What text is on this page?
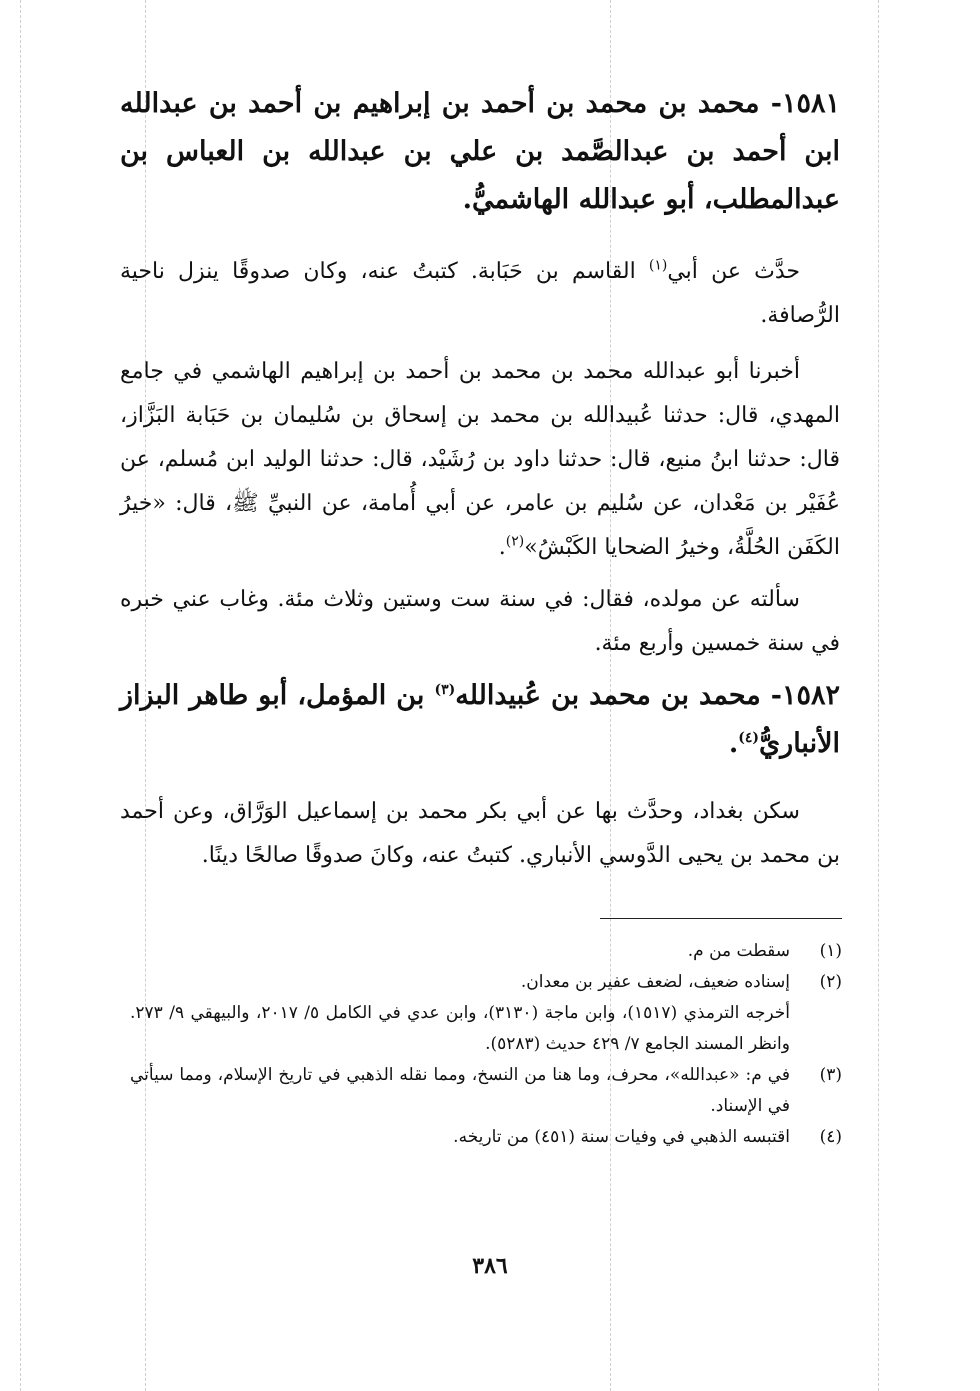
١٥٨١- محمد بن محمد بن أحمد بن إبراهيم بن أحمد بن عبدالله ابن أحمد بن عبدالصَّمد بن علي بن عبدالله بن العباس بن عبدالمطلب، أبو عبدالله الهاشميُّ.
حدَّث عن أبي$^{(١)}$ القاسم بن حَبَابة. كتبتُ عنه، وكان صدوقًا ينزل ناحية الرُّصافة.
أخبرنا أبو عبدالله محمد بن محمد بن أحمد بن إبراهيم الهاشمي في جامع المهدي، قال: حدثنا عُبيدالله بن محمد بن إسحاق بن سُليمان بن حَبَابة البَزَّاز، قال: حدثنا ابنُ منيع، قال: حدثنا داود بن رُشَيْد، قال: حدثنا الوليد ابن مُسلم، عن عُفَيْر بن مَعْدان، عن سُليم بن عامر، عن أبي أُمامة، عن النبيِّ ﷺ، قال: «خيرُ الكَفَن الحُلَّةُ، وخيرُ الضحايا الكَبْشُ»$^{(٢)}$.
سألته عن مولده، فقال: في سنة ست وستين وثلاث مئة. وغاب عني خبره في سنة خمسين وأربع مئة.
١٥٨٢- محمد بن محمد بن عُبيدالله$^{(٣)}$ بن المؤمل، أبو طاهر البزاز الأنباريُّ$^{(٤)}$.
سكن بغداد، وحدَّث بها عن أبي بكر محمد بن إسماعيل الوَرَّاق، وعن أحمد بن محمد بن يحيى الدَّوسي الأنباري. كتبتُ عنه، وكانَ صدوقًا صالحًا دينًا.
(١)
سقطت من م.
(٢)
إسناده ضعيف، لضعف عفير بن معدان.
أخرجه الترمذي (١٥١٧)، وابن ماجة (٣١٣٠)، وابن عدي في الكامل ٥/ ٢٠١٧، والبيهقي ٩/ ٢٧٣. وانظر المسند الجامع ٧/ ٤٢٩ حديث (٥٢٨٣).
(٣)
في م: «عبدالله»، محرف، وما هنا من النسخ، ومما نقله الذهبي في تاريخ الإسلام، ومما سيأتي في الإسناد.
(٤)
اقتبسه الذهبي في وفيات سنة (٤٥١) من تاريخه.
٣٨٦
